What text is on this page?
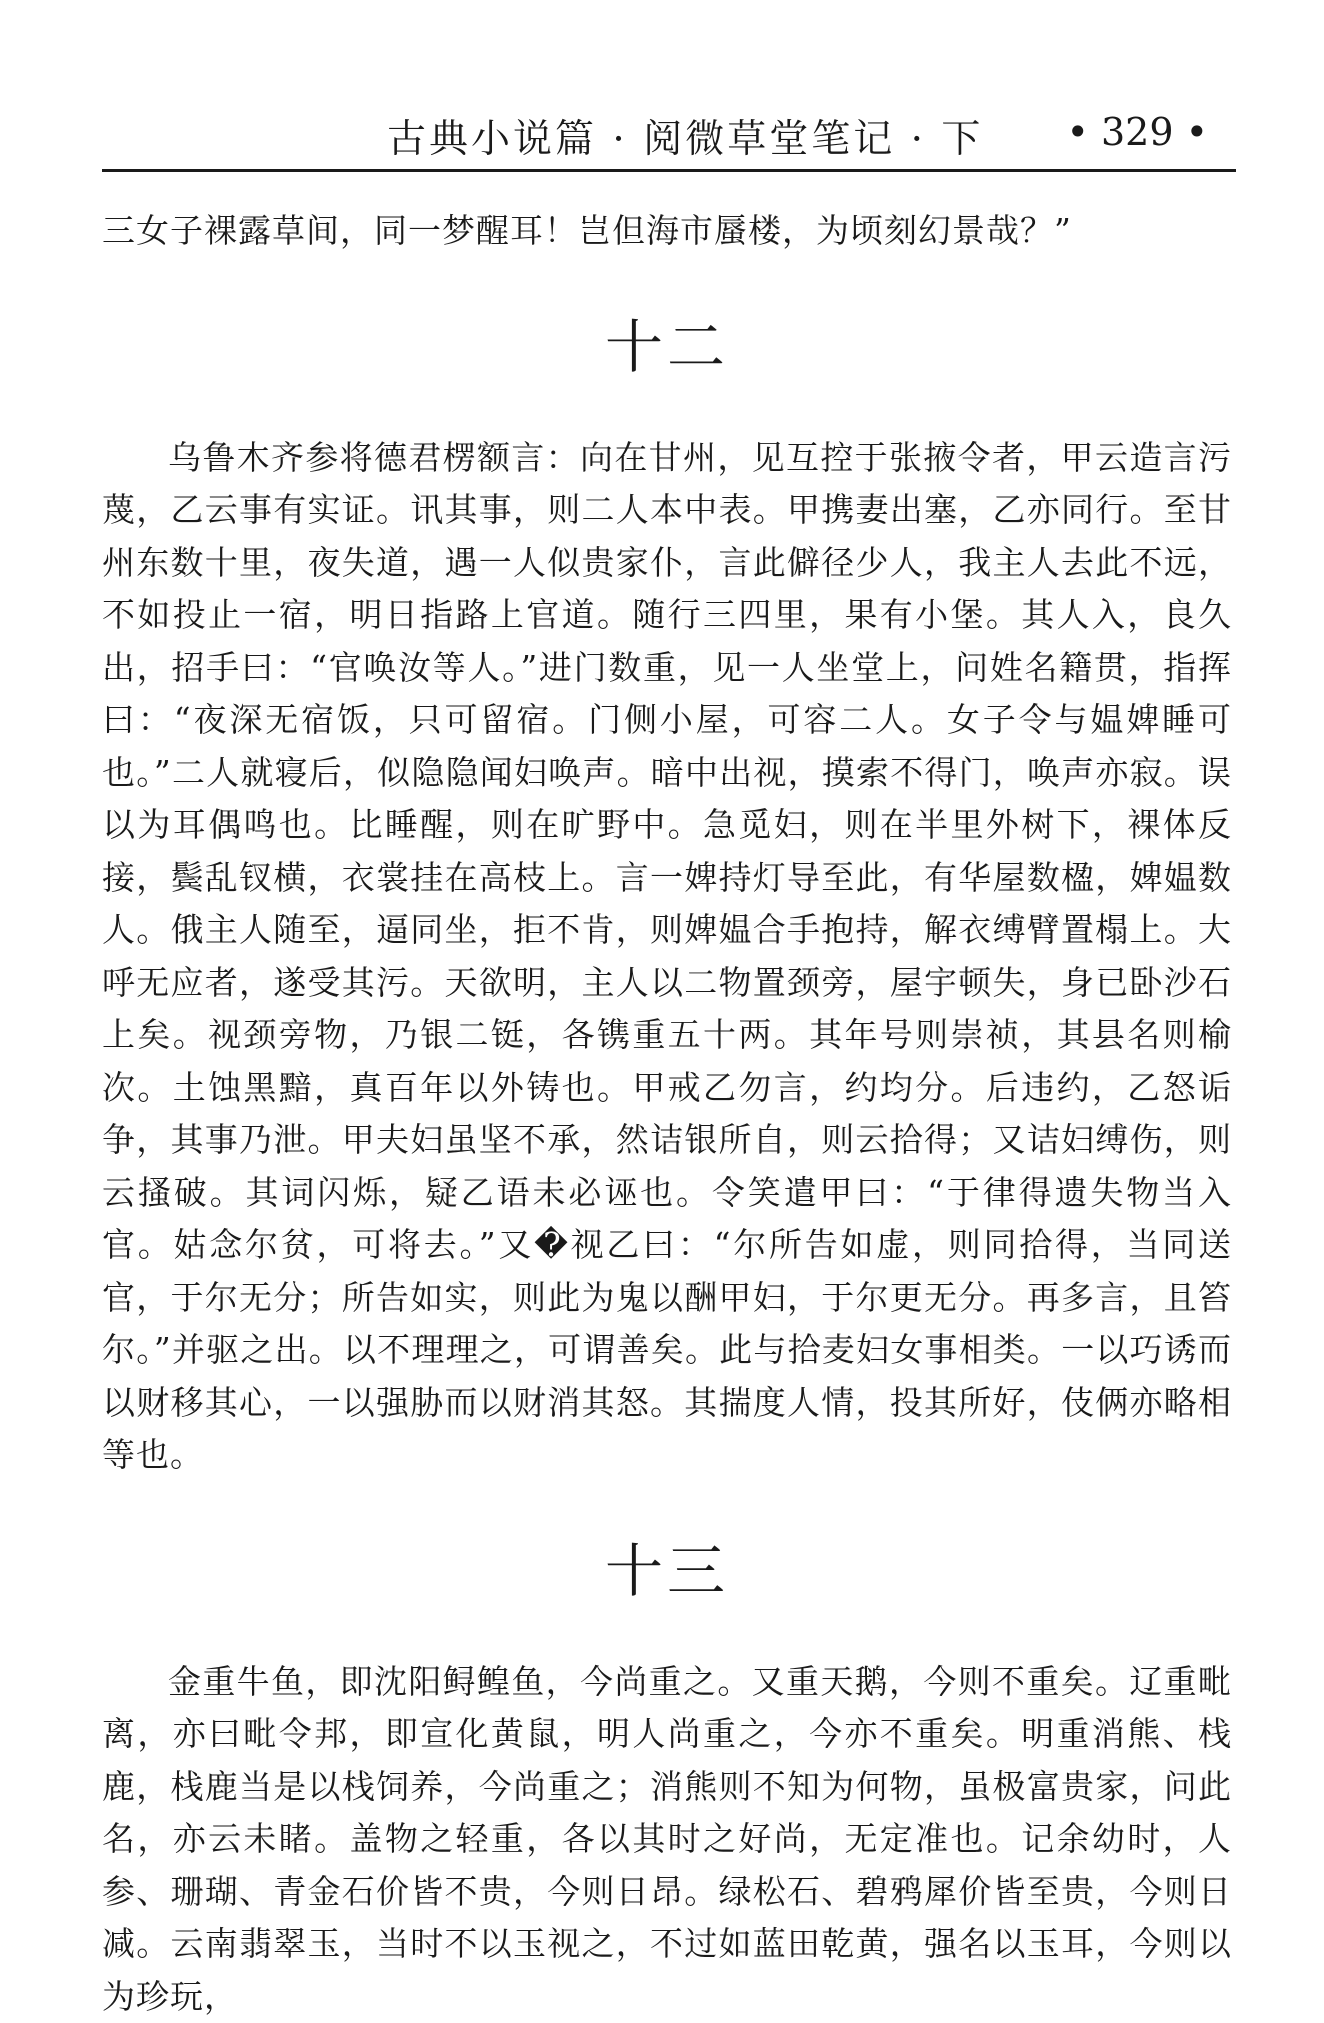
古典小说篇 · 阅微草堂笔记 · 下 • 329 •

三女子裸露草间，同一梦醒耳！岂但海市蜃楼，为顷刻幻景哉？”

十二

乌鲁木齐参将德君楞额言：向在甘州，见互控于张掖令者，甲云造言污蔑，乙云事有实证。讯其事，则二人本中表。甲携妻出塞，乙亦同行。至甘州东数十里，夜失道，遇一人似贵家仆，言此僻径少人，我主人去此不远，不如投止一宿，明日指路上官道。随行三四里，果有小堡。其人入，良久出，招手曰：“官唤汝等人。”进门数重，见一人坐堂上，问姓名籍贯，指挥曰：“夜深无宿饭，只可留宿。门侧小屋，可容二人。女子令与媪婢睡可也。”二人就寝后，似隐隐闻妇唤声。暗中出视，摸索不得门，唤声亦寂。误以为耳偶鸣也。比睡醒，则在旷野中。急觅妇，则在半里外树下，裸体反接，鬓乱钗横，衣裳挂在高枝上。言一婢持灯导至此，有华屋数楹，婢媪数人。俄主人随至，逼同坐，拒不肯，则婢媪合手抱持，解衣缚臂置榻上。大呼无应者，遂受其污。天欲明，主人以二物置颈旁，屋宇顿失，身已卧沙石上矣。视颈旁物，乃银二铤，各镌重五十两。其年号则崇祯，其县名则榆次。土蚀黑黯，真百年以外铸也。甲戒乙勿言，约均分。后违约，乙怒诟争，其事乃泄。甲夫妇虽坚不承，然诘银所自，则云拾得；又诘妇缚伤，则云搔破。其词闪烁，疑乙语未必诬也。令笑遣甲曰：“于律得遗失物当入官。姑念尔贫，可将去。”又�视乙曰：“尔所告如虚，则同拾得，当同送官，于尔无分；所告如实，则此为鬼以酬甲妇，于尔更无分。再多言，且笞尔。”并驱之出。以不理理之，可谓善矣。此与拾麦妇女事相类。一以巧诱而以财移其心，一以强胁而以财消其怒。其揣度人情，投其所好，伎俩亦略相等也。

十三

金重牛鱼，即沈阳鲟鳇鱼，今尚重之。又重天鹅，今则不重矣。辽重毗离，亦曰毗令邦，即宣化黄鼠，明人尚重之，今亦不重矣。明重消熊、栈鹿，栈鹿当是以栈饲养，今尚重之；消熊则不知为何物，虽极富贵家，问此名，亦云未睹。盖物之轻重，各以其时之好尚，无定准也。记余幼时，人参、珊瑚、青金石价皆不贵，今则日昂。绿松石、碧鸦犀价皆至贵，今则日减。云南翡翠玉，当时不以玉视之，不过如蓝田乾黄，强名以玉耳，今则以为珍玩，
